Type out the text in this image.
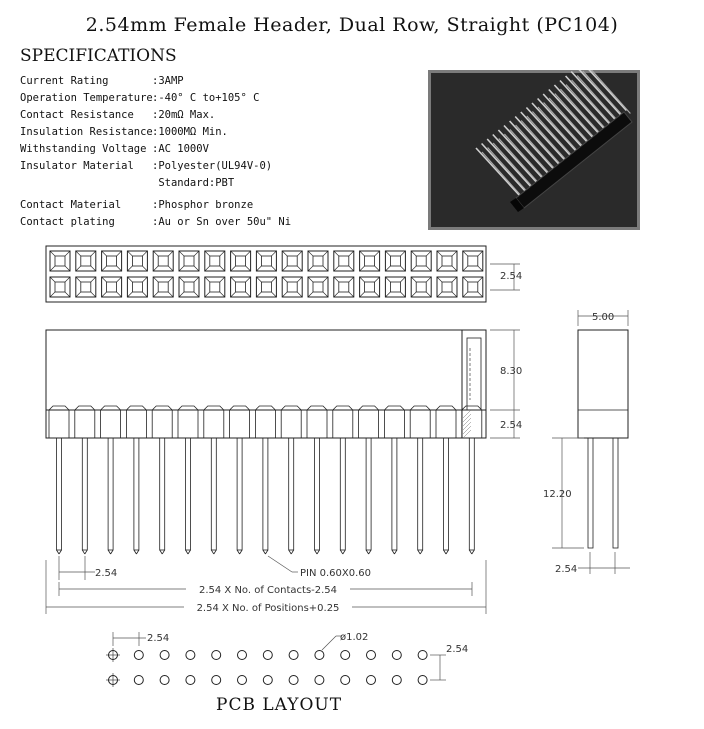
2.54mm Female Header, Dual Row, Straight (PC104)
SPECIFICATIONS
Current Rating	: 3AMP
Operation Temperature : -40° C to+105° C
Contact Resistance	: 20mΩ Max.
Insulation Resistance : 1000MΩ Min.
Withstanding Voltage : AC 1000V
Insulator Material	: Polyester(UL94V-0)

Standard:PBT
Contact Material	: Phosphor bronze
Contact plating	: Au or Sn over 50u" Ni
2.54
8.30
2.54
5.00
12.20
2.54
2.54	PIN 0.60X0.60
2.54 X No. of Contacts-2.54
2.54 X No. of Positions+0.25
2.54	ø1.02
2.54
PCB LAYOUT
